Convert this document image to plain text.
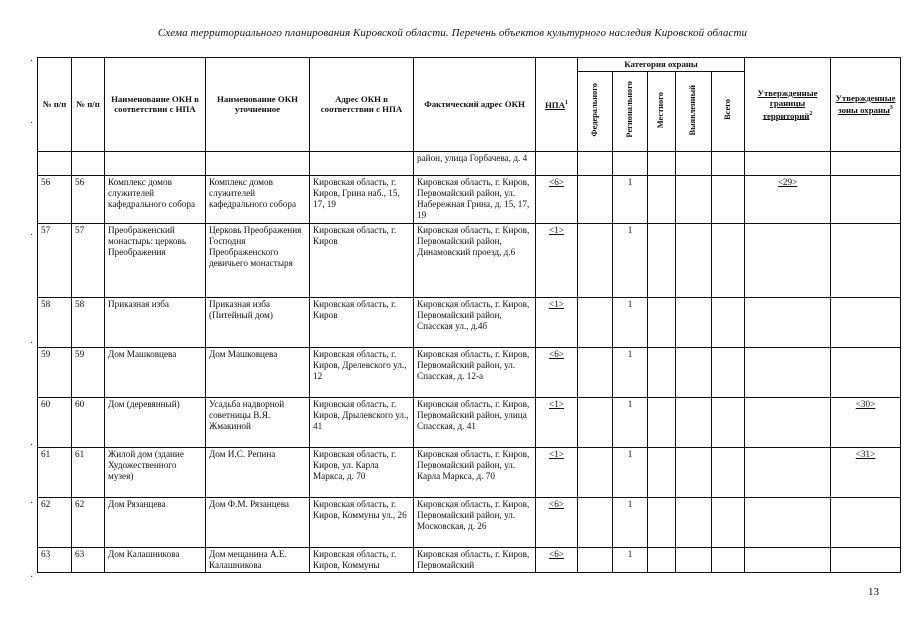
Схема территориального планирования Кировской области. Перечень объектов культурного наследия Кировской области
·
·
·
·
·
·
·
№ п/п	№ п/п	Наименование ОКН в соответствии с НПА	Наименование ОКН уточненное	Адрес ОКН в соответствии с НПА	Фактический адрес ОКН	НПА$^1$	Категория охраны					Утвержденные границы территорий$^2$	Утвержденные зоны охраны$^3$
							Федерального	Регионального	Местного	Выявленный	Всего		
					район, улица Горбачева, д. 4								
56	56	Комплекс домов служителей кафедрального собора	Комплекс домов служителей кафедрального собора	Кировская область, г. Киров, Грина наб., 15, 17, 19	Кировская область, г. Киров, Первомайский район, ул. Набережная Грина, д. 15, 17, 19	<6>		1				<29>	
57	57	Преображенский монастырь: церковь Преображения	Церковь Преображения Господня Преображенского девичьего монастыря	Кировская область, г. Киров	Кировская область, г. Киров, Первомайский район, Динамовский проезд, д.6	<1>		1					
58	58	Приказная изба	Приказная изба (Питейный дом)	Кировская область, г. Киров	Кировская область, г. Киров, Первомайский район, Спасская ул., д.4б	<1>		1					
59	59	Дом Машковцева	Дом Машковцева	Кировская область, г. Киров, Дрелевского ул., 12	Кировская область, г. Киров, Первомайский район, ул. Спасская, д. 12-а	<6>		1					
60	60	Дом (деревянный)	Усадьба надворной советницы В.Я. Жмакиной	Кировская область, г. Киров, Дрылевского ул., 41	Кировская область, г. Киров, Первомайский район, улица Спасская, д. 41	<1>		1					<30>
61	61	Жилой дом (здание Художественного музея)	Дом И.С. Репина	Кировская область, г. Киров, ул. Карла Маркса, д. 70	Кировская область, г. Киров, Первомайский район, ул. Карла Маркса, д. 70	<1>		1					<31>
62	62	Дом Рязанцева	Дом Ф.М. Рязанцева	Кировская область, г. Киров, Коммуны ул., 26	Кировская область, г. Киров, Первомайский район, ул. Московская, д. 26	<6>		1					
63	63	Дом Калашникова	Дом мещанина А.Е. Калашникова	Кировская область, г. Киров, Коммуны	Кировская область, г. Киров, Первомайский	<6>		1					
13
